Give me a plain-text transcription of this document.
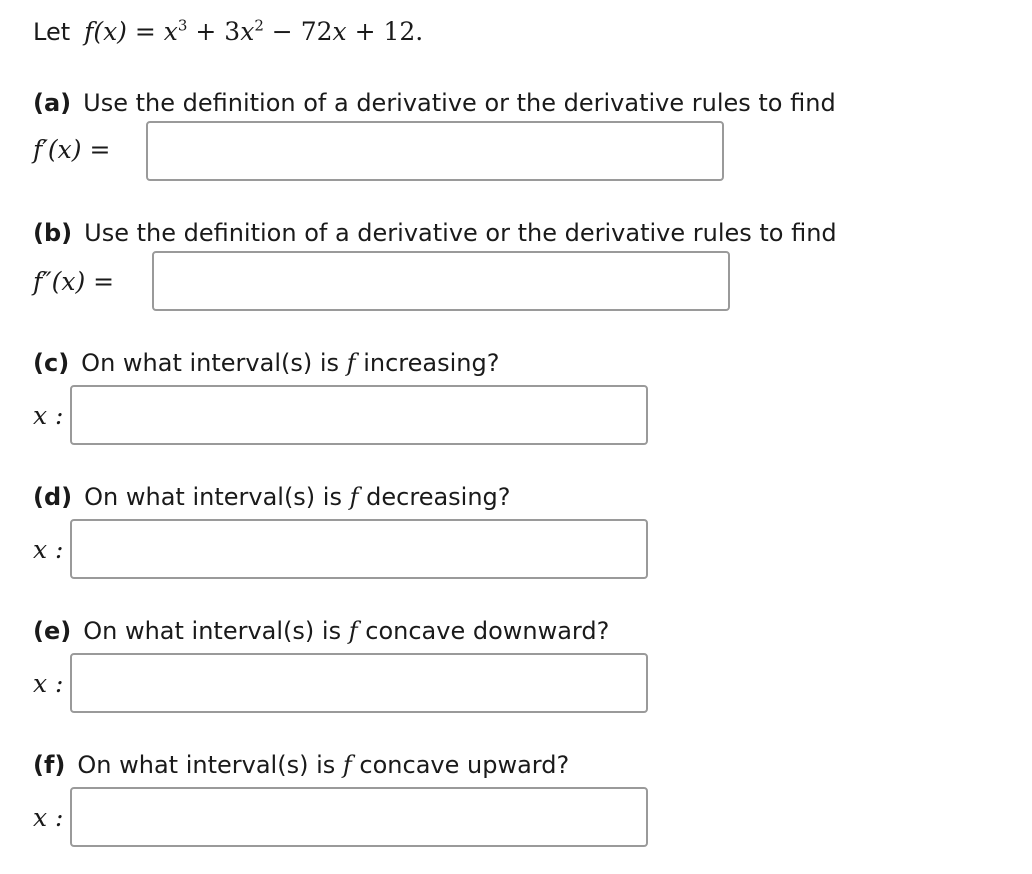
Let $f(x) = x^3 + 3x^2 - 72x + 12$.
(a) Use the definition of a derivative or the derivative rules to find
f′(x) =
(b) Use the definition of a derivative or the derivative rules to find
f″(x) =
(c) On what interval(s) is f increasing?
x :
(d) On what interval(s) is f decreasing?
x :
(e) On what interval(s) is f concave downward?
x :
(f) On what interval(s) is f concave upward?
x :
